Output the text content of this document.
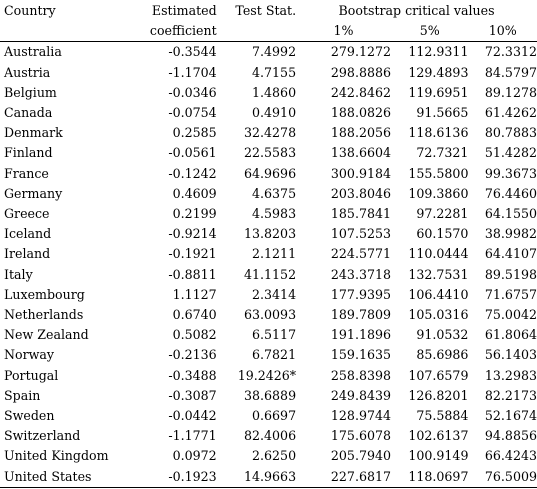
Country	Estimated	Test Stat.	Bootstrap critical values		
	coefficient		1%	5%	10%
Australia	-0.3544	7.4992	279.1272	112.9311	72.3312
Austria	-1.1704	4.7155	298.8886	129.4893	84.5797
Belgium	-0.0346	1.4860	242.8462	119.6951	89.1278
Canada	-0.0754	0.4910	188.0826	91.5665	61.4262
Denmark	0.2585	32.4278	188.2056	118.6136	80.7883
Finland	-0.0561	22.5583	138.6604	72.7321	51.4282
France	-0.1242	64.9696	300.9184	155.5800	99.3673
Germany	0.4609	4.6375	203.8046	109.3860	76.4460
Greece	0.2199	4.5983	185.7841	97.2281	64.1550
Iceland	-0.9214	13.8203	107.5253	60.1570	38.9982
Ireland	-0.1921	2.1211	224.5771	110.0444	64.4107
Italy	-0.8811	41.1152	243.3718	132.7531	89.5198
Luxembourg	1.1127	2.3414	177.9395	106.4410	71.6757
Netherlands	0.6740	63.0093	189.7809	105.0316	75.0042
New Zealand	0.5082	6.5117	191.1896	91.0532	61.8064
Norway	-0.2136	6.7821	159.1635	85.6986	56.1403
Portugal	-0.3488	19.2426*	258.8398	107.6579	13.2983
Spain	-0.3087	38.6889	249.8439	126.8201	82.2173
Sweden	-0.0442	0.6697	128.9744	75.5884	52.1674
Switzerland	-1.1771	82.4006	175.6078	102.6137	94.8856
United Kingdom	0.0972	2.6250	205.7940	100.9149	66.4243
United States	-0.1923	14.9663	227.6817	118.0697	76.5009
